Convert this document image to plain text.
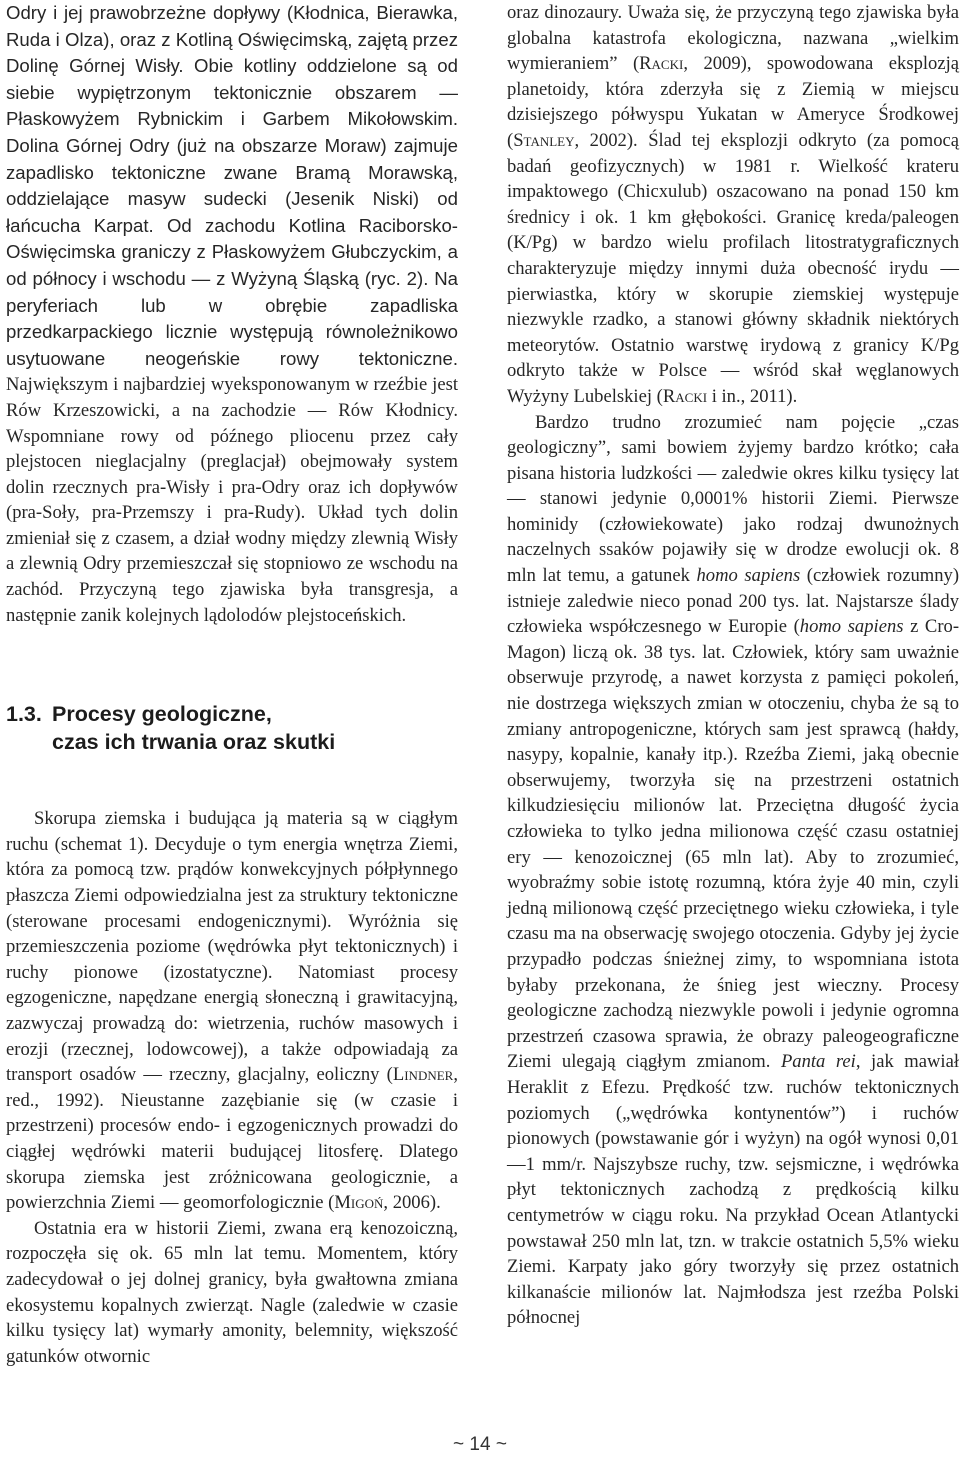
Odry i jej prawobrzeżne dopływy (Kłodnica, Bierawka, Ruda i Olza), oraz z Kotliną Oświęcimską, zajętą przez Dolinę Górnej Wisły. Obie kotliny oddzielone są od siebie wypiętrzonym tektonicznie obszarem — Płaskowyżem Rybnickim i Garbem Mikołowskim. Dolina Górnej Odry (już na obszarze Moraw) zajmuje zapadlisko tektoniczne zwane Bramą Morawską, oddzielające masyw sudecki (Jesenik Niski) od łańcucha Karpat. Od zachodu Kotlina Raciborsko-Oświęcimska graniczy z Płaskowyżem Głubczyckim, a od północy i wschodu — z Wyżyną Śląską (ryc. 2). Na peryferiach lub w obrębie zapadliska przedkarpackiego licznie występują równoleżnikowo usytuowane neogeńskie rowy tektoniczne. Największym i najbardziej wyeksponowanym w rzeźbie jest Rów Krzeszowicki, a na zachodzie — Rów Kłodnicy. Wspomniane rowy od późnego pliocenu przez cały plejstocen nieglacjalny (preglacjał) obejmowały system dolin rzecznych pra-Wisły i pra-Odry oraz ich dopływów (pra-Soły, pra-Przemszy i pra-Rudy). Układ tych dolin zmieniał się z czasem, a dział wodny między zlewnią Wisły a zlewnią Odry przemieszczał się stopniowo ze wschodu na zachód. Przyczyną tego zjawiska była transgresja, a następnie zanik kolejnych lądolodów plejstoceńskich.

1.3. Procesy geologiczne,
czas ich trwania oraz skutki

Skorupa ziemska i budująca ją materia są w ciągłym ruchu (schemat 1). Decyduje o tym energia wnętrza Ziemi, która za pomocą tzw. prądów konwekcyjnych półpłynnego płaszcza Ziemi odpowiedzialna jest za struktury tektoniczne (sterowane procesami endogenicznymi). Wyróżnia się przemieszczenia poziome (wędrówka płyt tektonicznych) i ruchy pionowe (izostatyczne). Natomiast procesy egzogeniczne, napędzane energią słoneczną i grawitacyjną, zazwyczaj prowadzą do: wietrzenia, ruchów masowych i erozji (rzecznej, lodowcowej), a także odpowiadają za transport osadów — rzeczny, glacjalny, eoliczny (Lindner, red., 1992). Nieustanne zazębianie się (w czasie i przestrzeni) procesów endo- i egzogenicznych prowadzi do ciągłej wędrówki materii budującej litosferę. Dlatego skorupa ziemska jest zróżnicowana geologicznie, a powierzchnia Ziemi — geomorfologicznie (Migoń, 2006).

Ostatnia era w historii Ziemi, zwana erą kenozoiczną, rozpoczęła się ok. 65 mln lat temu. Momentem, który zadecydował o jej dolnej granicy, była gwałtowna zmiana ekosystemu kopalnych zwierząt. Nagle (zaledwie w czasie kilku tysięcy lat) wymarły amonity, belemnity, większość gatunków otwornic

oraz dinozaury. Uważa się, że przyczyną tego zjawiska była globalna katastrofa ekologiczna, nazwana „wielkim wymieraniem” (Racki, 2009), spowodowana eksplozją planetoidy, która zderzyła się z Ziemią w miejscu dzisiejszego półwyspu Yukatan w Ameryce Środkowej (Stanley, 2002). Ślad tej eksplozji odkryto (za pomocą badań geofizycznych) w 1981 r. Wielkość krateru impaktowego (Chicxulub) oszacowano na ponad 150 km średnicy i ok. 1 km głębokości. Granicę kreda/paleogen (K/Pg) w bardzo wielu profilach litostratygraficznych charakteryzuje między innymi duża obecność irydu — pierwiastka, który w skorupie ziemskiej występuje niezwykle rzadko, a stanowi główny składnik niektórych meteorytów. Ostatnio warstwę irydową z granicy K/Pg odkryto także w Polsce — wśród skał węglanowych Wyżyny Lubelskiej (Racki i in., 2011).

Bardzo trudno zrozumieć nam pojęcie „czas geologiczny”, sami bowiem żyjemy bardzo krótko; cała pisana historia ludzkości — zaledwie okres kilku tysięcy lat — stanowi jedynie 0,0001% historii Ziemi. Pierwsze hominidy (człowiekowate) jako rodzaj dwunożnych naczelnych ssaków pojawiły się w drodze ewolucji ok. 8 mln lat temu, a gatunek homo sapiens (człowiek rozumny) istnieje zaledwie nieco ponad 200 tys. lat. Najstarsze ślady człowieka współczesnego w Europie (homo sapiens z Cro-Magon) liczą ok. 38 tys. lat. Człowiek, który sam uważnie obserwuje przyrodę, a nawet korzysta z pamięci pokoleń, nie dostrzega większych zmian w otoczeniu, chyba że są to zmiany antropogeniczne, których sam jest sprawcą (hałdy, nasypy, kopalnie, kanały itp.). Rzeźba Ziemi, jaką obecnie obserwujemy, tworzyła się na przestrzeni ostatnich kilkudziesięciu milionów lat. Przeciętna długość życia człowieka to tylko jedna milionowa część czasu ostatniej ery — kenozoicznej (65 mln lat). Aby to zrozumieć, wyobraźmy sobie istotę rozumną, która żyje 40 min, czyli jedną milionową część przeciętnego wieku człowieka, i tyle czasu ma na obserwację swojego otoczenia. Gdyby jej życie przypadło podczas śnieżnej zimy, to wspomniana istota byłaby przekonana, że śnieg jest wieczny. Procesy geologiczne zachodzą niezwykle powoli i jedynie ogromna przestrzeń czasowa sprawia, że obrazy paleogeograficzne Ziemi ulegają ciągłym zmianom. Panta rei, jak mawiał Heraklit z Efezu. Prędkość tzw. ruchów tektonicznych poziomych („wędrówka kontynentów”) i ruchów pionowych (powstawanie gór i wyżyn) na ogół wynosi 0,01—1 mm/r. Najszybsze ruchy, tzw. sejsmiczne, i wędrówka płyt tektonicznych zachodzą z prędkością kilku centymetrów w ciągu roku. Na przykład Ocean Atlantycki powstawał 250 mln lat, tzn. w trakcie ostatnich 5,5% wieku Ziemi. Karpaty jako góry tworzyły się przez ostatnich kilkanaście milionów lat. Najmłodsza jest rzeźba Polski północnej

~ 14 ~
